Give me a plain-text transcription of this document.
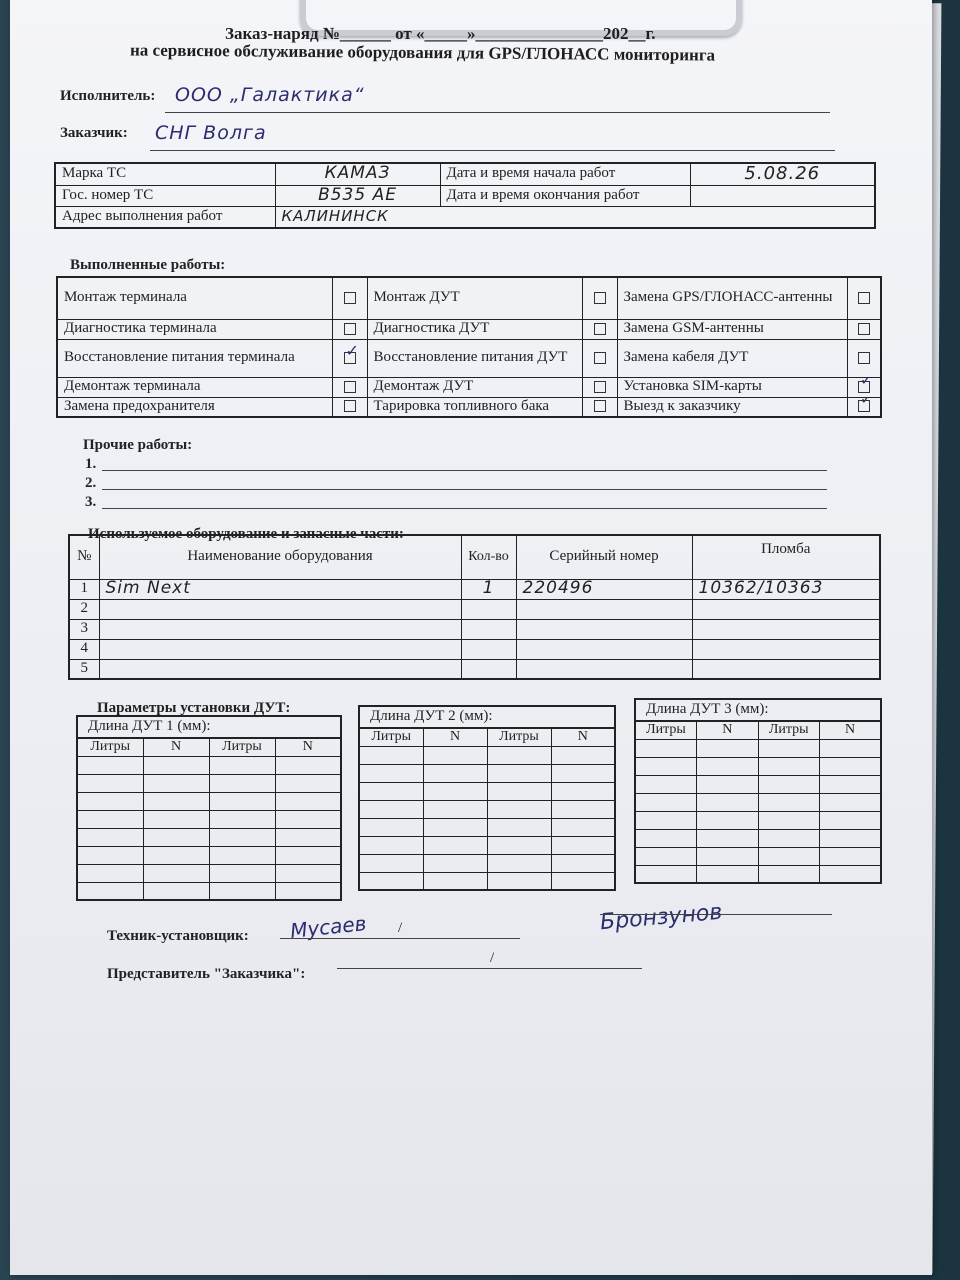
Заказ-наряд №______ от «_____»_______________202__г.
на сервисное обслуживание оборудования для GPS/ГЛОНАСС мониторинга
Исполнитель: ООО „Галактика“
Заказчик: СНГ Волга
Марка ТС	КАМАЗ	Дата и время начала работ	5.08.26
Гос. номер ТС	В535 АЕ	Дата и время окончания работ	
Адрес выполнения работ	КАЛИНИНСК		
Выполненные работы:
Монтаж терминала		Монтаж ДУТ		Замена GPS/ГЛОНАСС-антенны	
Диагностика терминала		Диагностика ДУТ		Замена GSM-антенны	
Восстановление питания терминала	✓	Восстановление питания ДУТ		Замена кабеля ДУТ	
Демонтаж терминала		Демонтаж ДУТ		Установка SIM-карты	✓
Замена предохранителя		Тарировка топливного бака		Выезд к заказчику	✓
Прочие работы:
1.
2.
3.
Используемое оборудование и запасные части:
№	Наименование оборудования	Кол-во	Серийный номер	Пломба
1	Sim Next	1	220496	10362/10363
2				
3				
4				
5				
Параметры установки ДУТ:
Длина ДУТ 1 (мм):
Литры	N	Литры	N

Длина ДУТ 2 (мм):
Литры	N	Литры	N

Длина ДУТ 3 (мм):
Литры	N	Литры	N

Техник-установщик: Мусаев /	Бронзунов
Представитель "Заказчика":
/
